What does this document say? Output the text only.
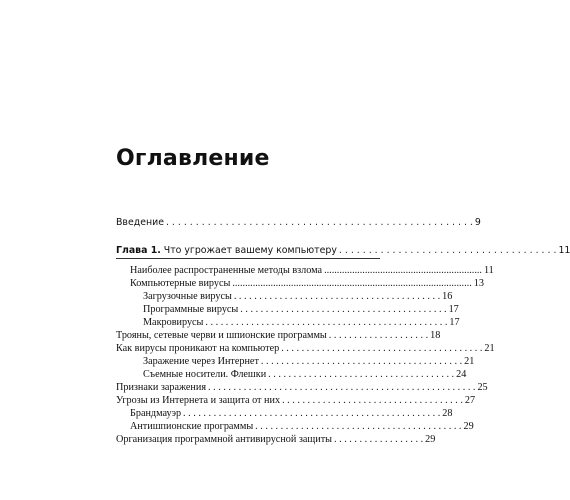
Оглавление
Введение . . . . . . . . . . . . . . . . . . . . . . . . . . . . . . . . . . . . . . . . . . . . . . . . . . . . 9
Глава 1. Что угрожает вашему компьютеру . . . . . . . . . . . . . . . . . . . . . . . . . . . . . . . . . . . . . 11
Наиболее распространенные методы взлома .............................................................. 11
Компьютерные вирусы .............................................................................................. 13
Загрузочные вирусы . . . . . . . . . . . . . . . . . . . . . . . . . . . . . . . . . . . . . . . . . 16
Программные вирусы . . . . . . . . . . . . . . . . . . . . . . . . . . . . . . . . . . . . . . . . . 17
Макровирусы . . . . . . . . . . . . . . . . . . . . . . . . . . . . . . . . . . . . . . . . . . . . . . . . 17
Трояны, сетевые черви и шпионские программы . . . . . . . . . . . . . . . . . . . . 18
Как вирусы проникают на компьютер . . . . . . . . . . . . . . . . . . . . . . . . . . . . . . . . . . . . . . . . 21
Заражение через Интернет . . . . . . . . . . . . . . . . . . . . . . . . . . . . . . . . . . . . . . . . 21
Съемные носители. Флешки . . . . . . . . . . . . . . . . . . . . . . . . . . . . . . . . . . . . . 24
Признаки заражения . . . . . . . . . . . . . . . . . . . . . . . . . . . . . . . . . . . . . . . . . . . . . . . . . . . . . 25
Угрозы из Интернета и защита от них . . . . . . . . . . . . . . . . . . . . . . . . . . . . . . . . . . . . 27
Брандмауэр . . . . . . . . . . . . . . . . . . . . . . . . . . . . . . . . . . . . . . . . . . . . . . . . . . . 28
Антишпионские программы . . . . . . . . . . . . . . . . . . . . . . . . . . . . . . . . . . . . . . . . . 29
Организация программной антивирусной защиты . . . . . . . . . . . . . . . . . . 29
